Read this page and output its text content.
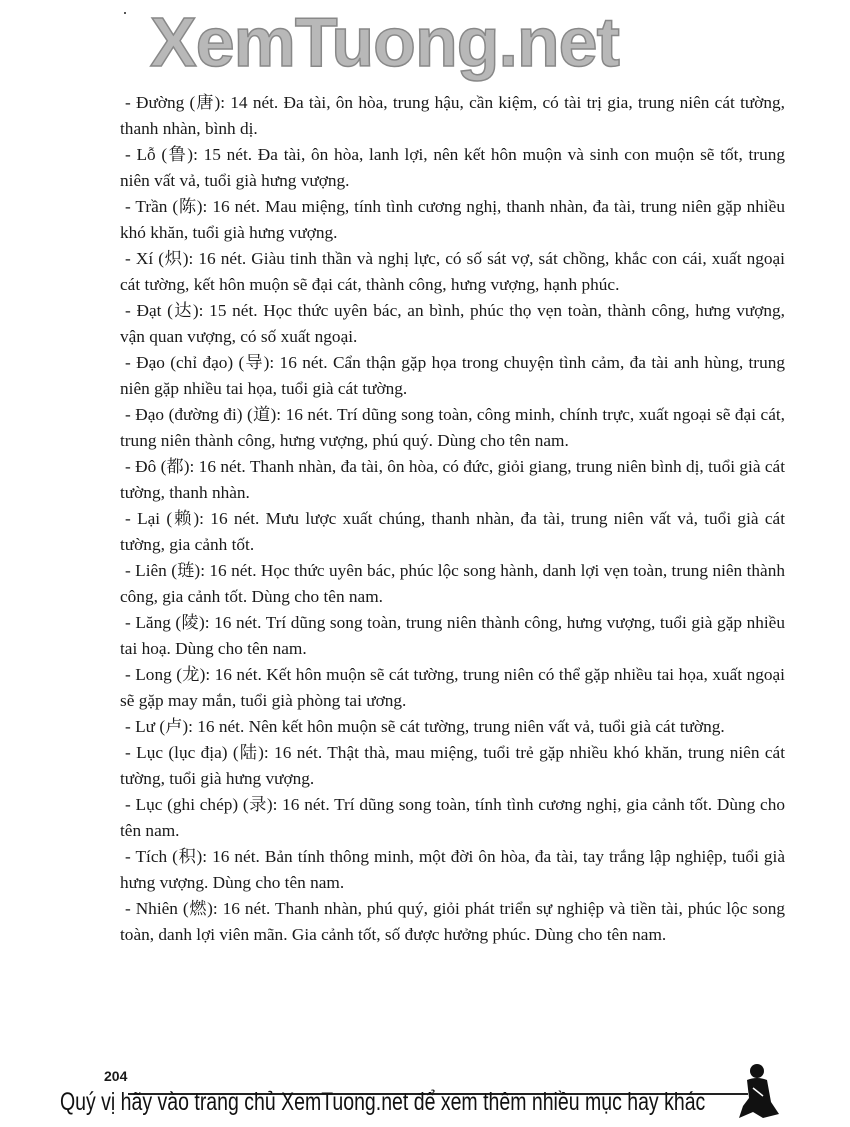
XemTuong.net

- Đường (唐): 14 nét. Đa tài, ôn hòa, trung hậu, cần kiệm, có tài trị gia, trung niên cát tường, thanh nhàn, bình dị.

- Lỗ (鲁): 15 nét. Đa tài, ôn hòa, lanh lợi, nên kết hôn muộn và sinh con muộn sẽ tốt, trung niên vất vả, tuổi già hưng vượng.

- Trần (陈): 16 nét. Mau miệng, tính tình cương nghị, thanh nhàn, đa tài, trung niên gặp nhiều khó khăn, tuổi già hưng vượng.

- Xí (炽): 16 nét. Giàu tinh thần và nghị lực, có số sát vợ, sát chồng, khắc con cái, xuất ngoại cát tường, kết hôn muộn sẽ đại cát, thành công, hưng vượng, hạnh phúc.

- Đạt (达): 15 nét. Học thức uyên bác, an bình, phúc thọ vẹn toàn, thành công, hưng vượng, vận quan vượng, có số xuất ngoại.

- Đạo (chỉ đạo) (导): 16 nét. Cẩn thận gặp họa trong chuyện tình cảm, đa tài anh hùng, trung niên gặp nhiều tai họa, tuổi già cát tường.

- Đạo (đường đi) (道): 16 nét. Trí dũng song toàn, công minh, chính trực, xuất ngoại sẽ đại cát, trung niên thành công, hưng vượng, phú quý. Dùng cho tên nam.

- Đô (都): 16 nét. Thanh nhàn, đa tài, ôn hòa, có đức, giỏi giang, trung niên bình dị, tuổi già cát tường, thanh nhàn.

- Lại (赖): 16 nét. Mưu lược xuất chúng, thanh nhàn, đa tài, trung niên vất vả, tuổi già cát tường, gia cảnh tốt.

- Liên (琏): 16 nét. Học thức uyên bác, phúc lộc song hành, danh lợi vẹn toàn, trung niên thành công, gia cảnh tốt. Dùng cho tên nam.

- Lăng (陵): 16 nét. Trí dũng song toàn, trung niên thành công, hưng vượng, tuổi già gặp nhiều tai hoạ. Dùng cho tên nam.

- Long (龙): 16 nét. Kết hôn muộn sẽ cát tường, trung niên có thể gặp nhiều tai họa, xuất ngoại sẽ gặp may mắn, tuổi già phòng tai ương.

- Lư (卢): 16 nét. Nên kết hôn muộn sẽ cát tường, trung niên vất vả, tuổi già cát tường.

- Lục (lục địa) (陆): 16 nét. Thật thà, mau miệng, tuổi trẻ gặp nhiều khó khăn, trung niên cát tường, tuổi già hưng vượng.

- Lục (ghi chép) (录): 16 nét. Trí dũng song toàn, tính tình cương nghị, gia cảnh tốt. Dùng cho tên nam.

- Tích (积): 16 nét. Bản tính thông minh, một đời ôn hòa, đa tài, tay trắng lập nghiệp, tuổi già hưng vượng. Dùng cho tên nam.

- Nhiên (燃): 16 nét. Thanh nhàn, phú quý, giỏi phát triển sự nghiệp và tiền tài, phúc lộc song toàn, danh lợi viên mãn. Gia cảnh tốt, số được hưởng phúc. Dùng cho tên nam.

204
Quý vị hãy vào trang chủ XemTuong.net để xem thêm nhiều mục hay khác
